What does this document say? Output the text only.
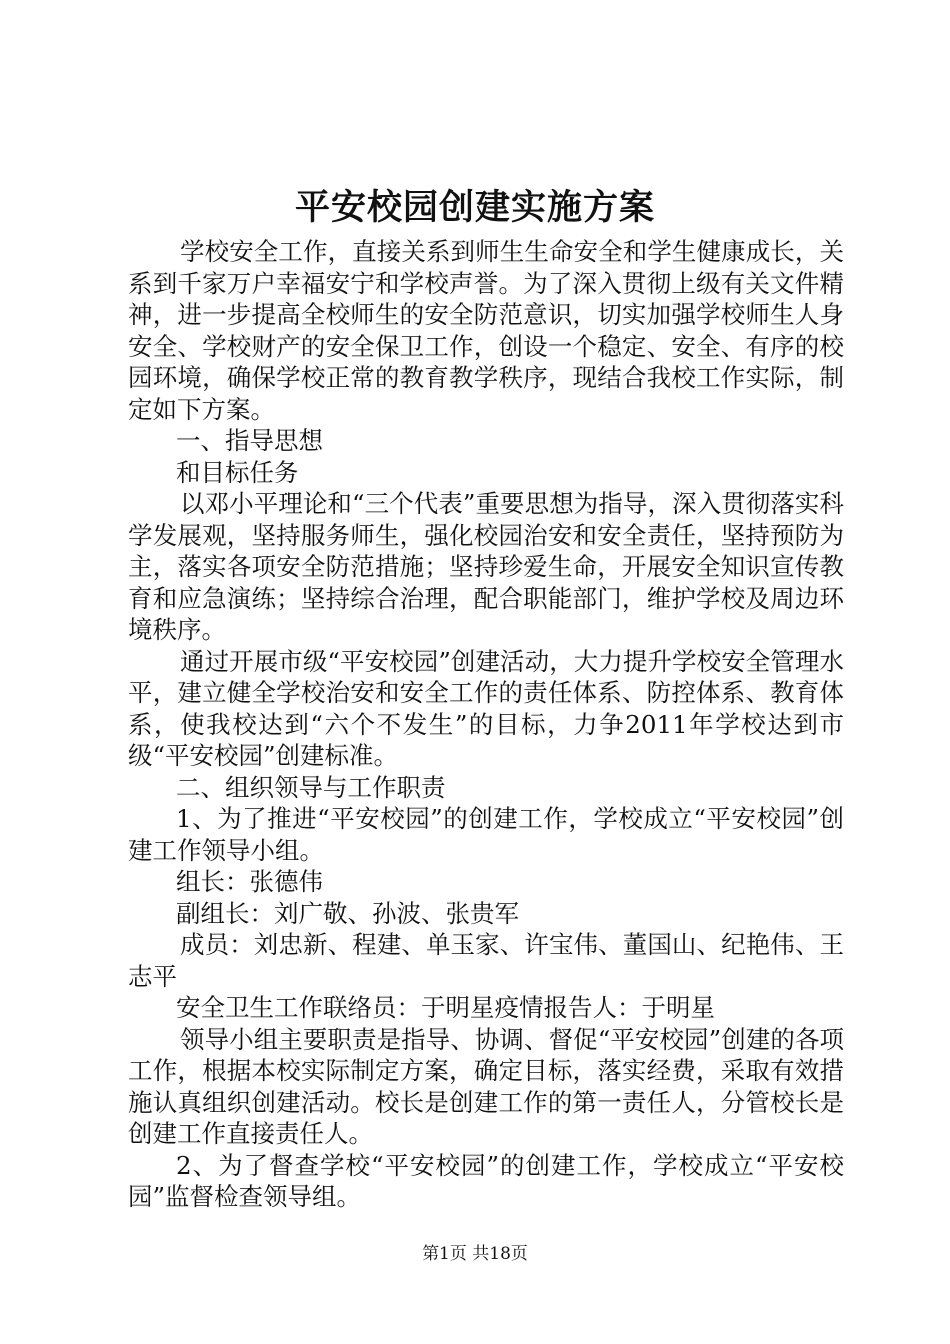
平安校园创建实施方案

学校安全工作，直接关系到师生生命安全和学生健康成长，关系到千家万户幸福安宁和学校声誉。为了深入贯彻上级有关文件精神，进一步提高全校师生的安全防范意识，切实加强学校师生人身安全、学校财产的安全保卫工作，创设一个稳定、安全、有序的校园环境，确保学校正常的教育教学秩序，现结合我校工作实际，制定如下方案。

一、指导思想

和目标任务

以邓小平理论和“三个代表”重要思想为指导，深入贯彻落实科学发展观，坚持服务师生，强化校园治安和安全责任，坚持预防为主，落实各项安全防范措施；坚持珍爱生命，开展安全知识宣传教育和应急演练；坚持综合治理，配合职能部门，维护学校及周边环境秩序。

通过开展市级“平安校园”创建活动，大力提升学校安全管理水平，建立健全学校治安和安全工作的责任体系、防控体系、教育体系，使我校达到“六个不发生”的目标，力争2011年学校达到市级“平安校园”创建标准。

二、组织领导与工作职责

1、为了推进“平安校园”的创建工作，学校成立“平安校园”创建工作领导小组。

组长：张德伟

副组长：刘广敬、孙波、张贵军

成员：刘忠新、程建、单玉家、许宝伟、董国山、纪艳伟、王志平

安全卫生工作联络员：于明星疫情报告人：于明星

领导小组主要职责是指导、协调、督促“平安校园”创建的各项工作，根据本校实际制定方案，确定目标，落实经费，采取有效措施认真组织创建活动。校长是创建工作的第一责任人，分管校长是创建工作直接责任人。

2、为了督查学校“平安校园”的创建工作，学校成立“平安校园”监督检查领导组。

第1页 共18页
